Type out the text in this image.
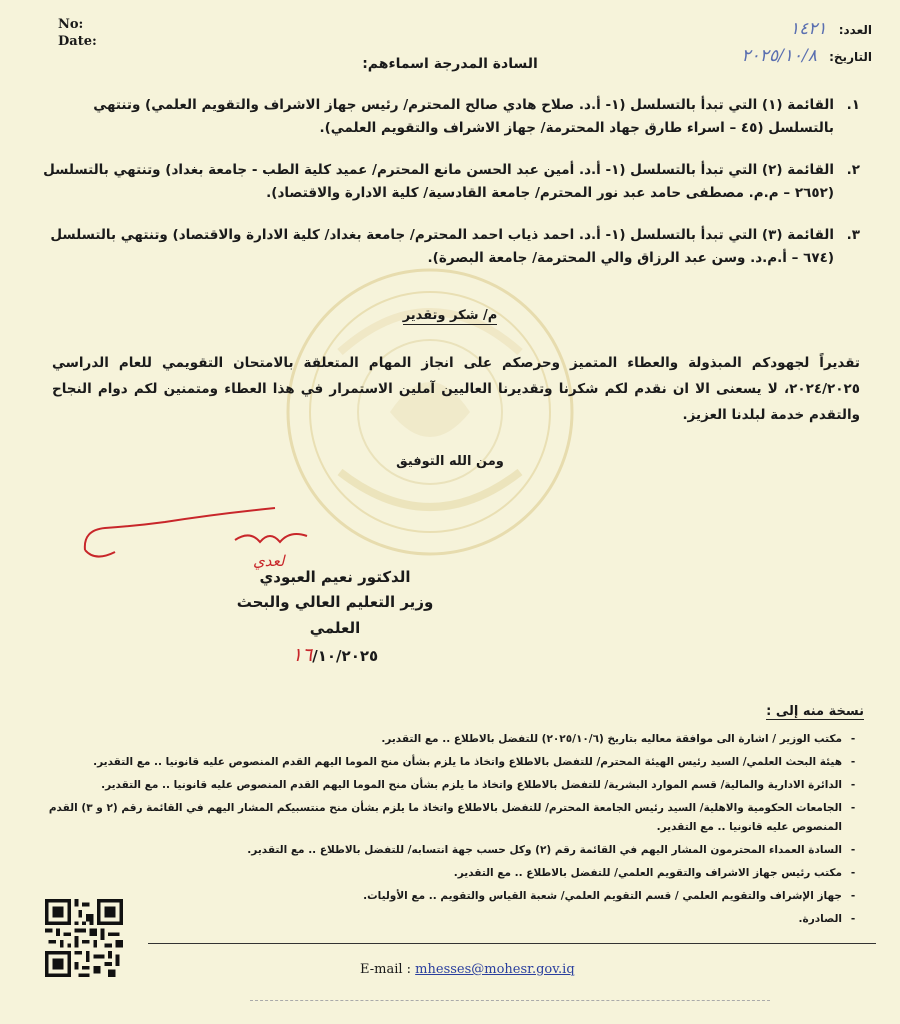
No:
Date:
العدد: ١٤٢١
التاريخ: ٢٠٢٥/١٠/٨
السادة المدرجة اسماءهم:
١.
القائمة (١) التي تبدأ بالتسلسل (١- أ.د. صلاح هادي صالح المحترم/ رئيس جهاز الاشراف والتقويم العلمي) وتنتهي بالتسلسل (٤٥ – اسراء طارق جهاد المحترمة/ جهاز الاشراف والتقويم العلمي).
٢.
القائمة (٢) التي تبدأ بالتسلسل (١- أ.د. أمين عبد الحسن مانع المحترم/ عميد كلية الطب - جامعة بغداد) وتنتهي بالتسلسل (٢٦٥٢ – م.م. مصطفى حامد عبد نور المحترم/ جامعة القادسية/ كلية الادارة والاقتصاد).
٣.
القائمة (٣) التي تبدأ بالتسلسل (١- أ.د. احمد ذياب احمد المحترم/ جامعة بغداد/ كلية الادارة والاقتصاد) وتنتهي بالتسلسل (٦٧٤ – أ.م.د. وسن عبد الرزاق والي المحترمة/ جامعة البصرة).
م/ شكر وتقدير
تقديراً لجهودكم المبذولة والعطاء المتميز وحرصكم على انجاز المهام المتعلقة بالامتحان التقويمي للعام الدراسي ٢٠٢٤/٢٠٢٥، لا يسعنى الا ان نقدم لكم شكرنا وتقديرنا العاليين آملين الاستمرار في هذا العطاء ومتمنين لكم دوام النجاح والتقدم خدمة لبلدنا العزيز.
ومن الله التوفيق
لعدي
الدكتور نعيم العبودي
وزير التعليم العالي والبحث العلمي
١٦/١٠/٢٠٢٥
نسخة منه إلى :
-
مكتب الوزير / اشارة الى موافقة معاليه بتاريخ (٢٠٢٥/١٠/٦) للتفضل بالاطلاع .. مع التقدير.
-
هيئة البحث العلمي/ السيد رئيس الهيئة المحترم/ للتفضل بالاطلاع واتخاذ ما يلزم بشأن منح الموما اليهم القدم المنصوص عليه قانونيا .. مع التقدير.
-
الدائرة الادارية والمالية/ قسم الموارد البشرية/ للتفضل بالاطلاع واتخاذ ما يلزم بشأن منح الموما اليهم القدم المنصوص عليه قانونيا .. مع التقدير.
-
الجامعات الحكومية والاهلية/ السيد رئيس الجامعة المحترم/ للتفضل بالاطلاع واتخاذ ما يلزم بشأن منح منتسبيكم المشار اليهم في القائمة رقم (٢ و ٣) القدم المنصوص عليه قانونيا .. مع التقدير.
-
السادة العمداء المحترمون المشار اليهم في القائمة رقم (٢) وكل حسب جهة انتسابه/ للتفضل بالاطلاع .. مع التقدير.
-
مكتب رئيس جهاز الاشراف والتقويم العلمي/ للتفضل بالاطلاع .. مع التقدير.
-
جهاز الإشراف والتقويم العلمي / قسم التقويم العلمي/ شعبة القياس والتقويم .. مع الأوليات.
-
الصادرة.
E-mail : mhesses@mohesr.gov.iq
